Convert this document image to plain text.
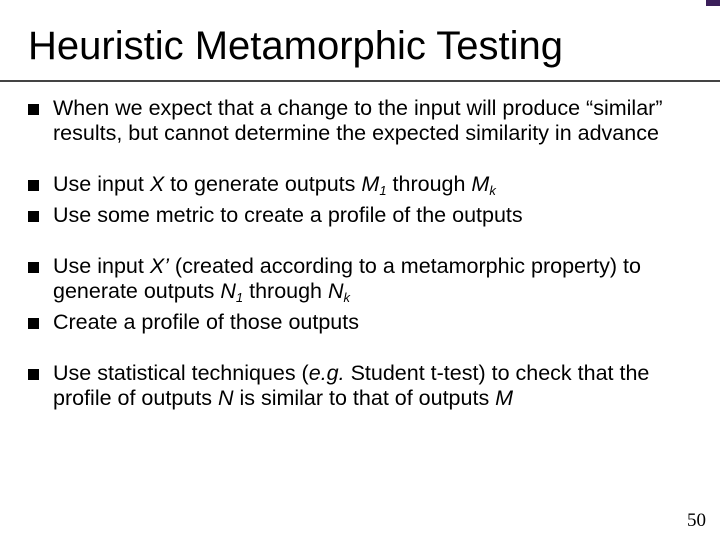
Heuristic Metamorphic Testing
When we expect that a change to the input will produce “similar” results, but cannot determine the expected similarity in advance
Use input X to generate outputs $M_1$ through $M_k$
Use some metric to create a profile of the outputs
Use input X’ (created according to a metamorphic property) to generate outputs $N_1$ through $N_k$
Create a profile of those outputs
Use statistical techniques (e.g. Student t-test) to check that the profile of outputs N is similar to that of outputs M
50
